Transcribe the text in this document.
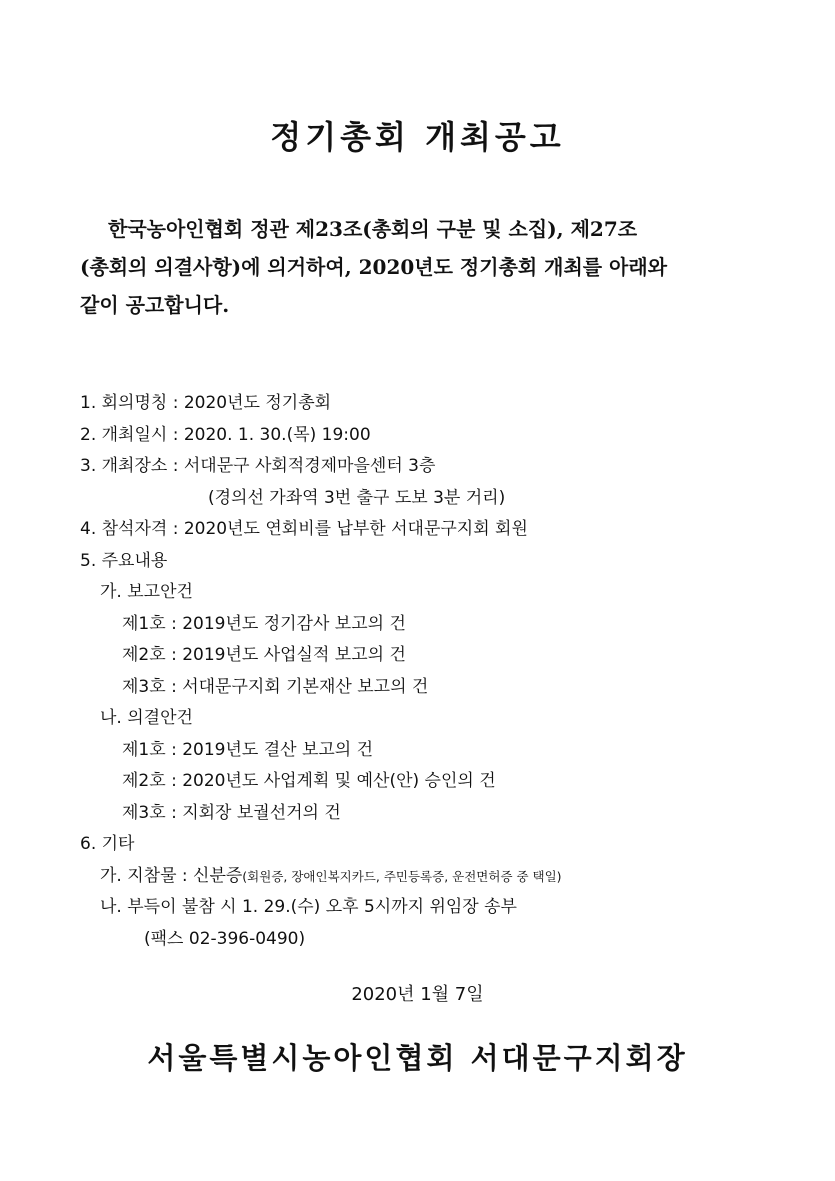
정기총회 개최공고
한국농아인협회 정관 제23조(총회의 구분 및 소집), 제27조
(총회의 의결사항)에 의거하여, 2020년도 정기총회 개최를 아래와
같이 공고합니다.
1. 회의명칭 : 2020년도 정기총회
2. 개최일시 : 2020. 1. 30.(목) 19:00
3. 개최장소 : 서대문구 사회적경제마을센터 3층
(경의선 가좌역 3번 출구 도보 3분 거리)
4. 참석자격 : 2020년도 연회비를 납부한 서대문구지회 회원
5. 주요내용
가. 보고안건
제1호 : 2019년도 정기감사 보고의 건
제2호 : 2019년도 사업실적 보고의 건
제3호 : 서대문구지회 기본재산 보고의 건
나. 의결안건
제1호 : 2019년도 결산 보고의 건
제2호 : 2020년도 사업계획 및 예산(안) 승인의 건
제3호 : 지회장 보궐선거의 건
6. 기타
가. 지참물 : 신분증(회원증, 장애인복지카드, 주민등록증, 운전면허증 중 택일)
나. 부득이 불참 시 1. 29.(수) 오후 5시까지 위임장 송부
(팩스 02-396-0490)
2020년 1월 7일
서울특별시농아인협회 서대문구지회장
